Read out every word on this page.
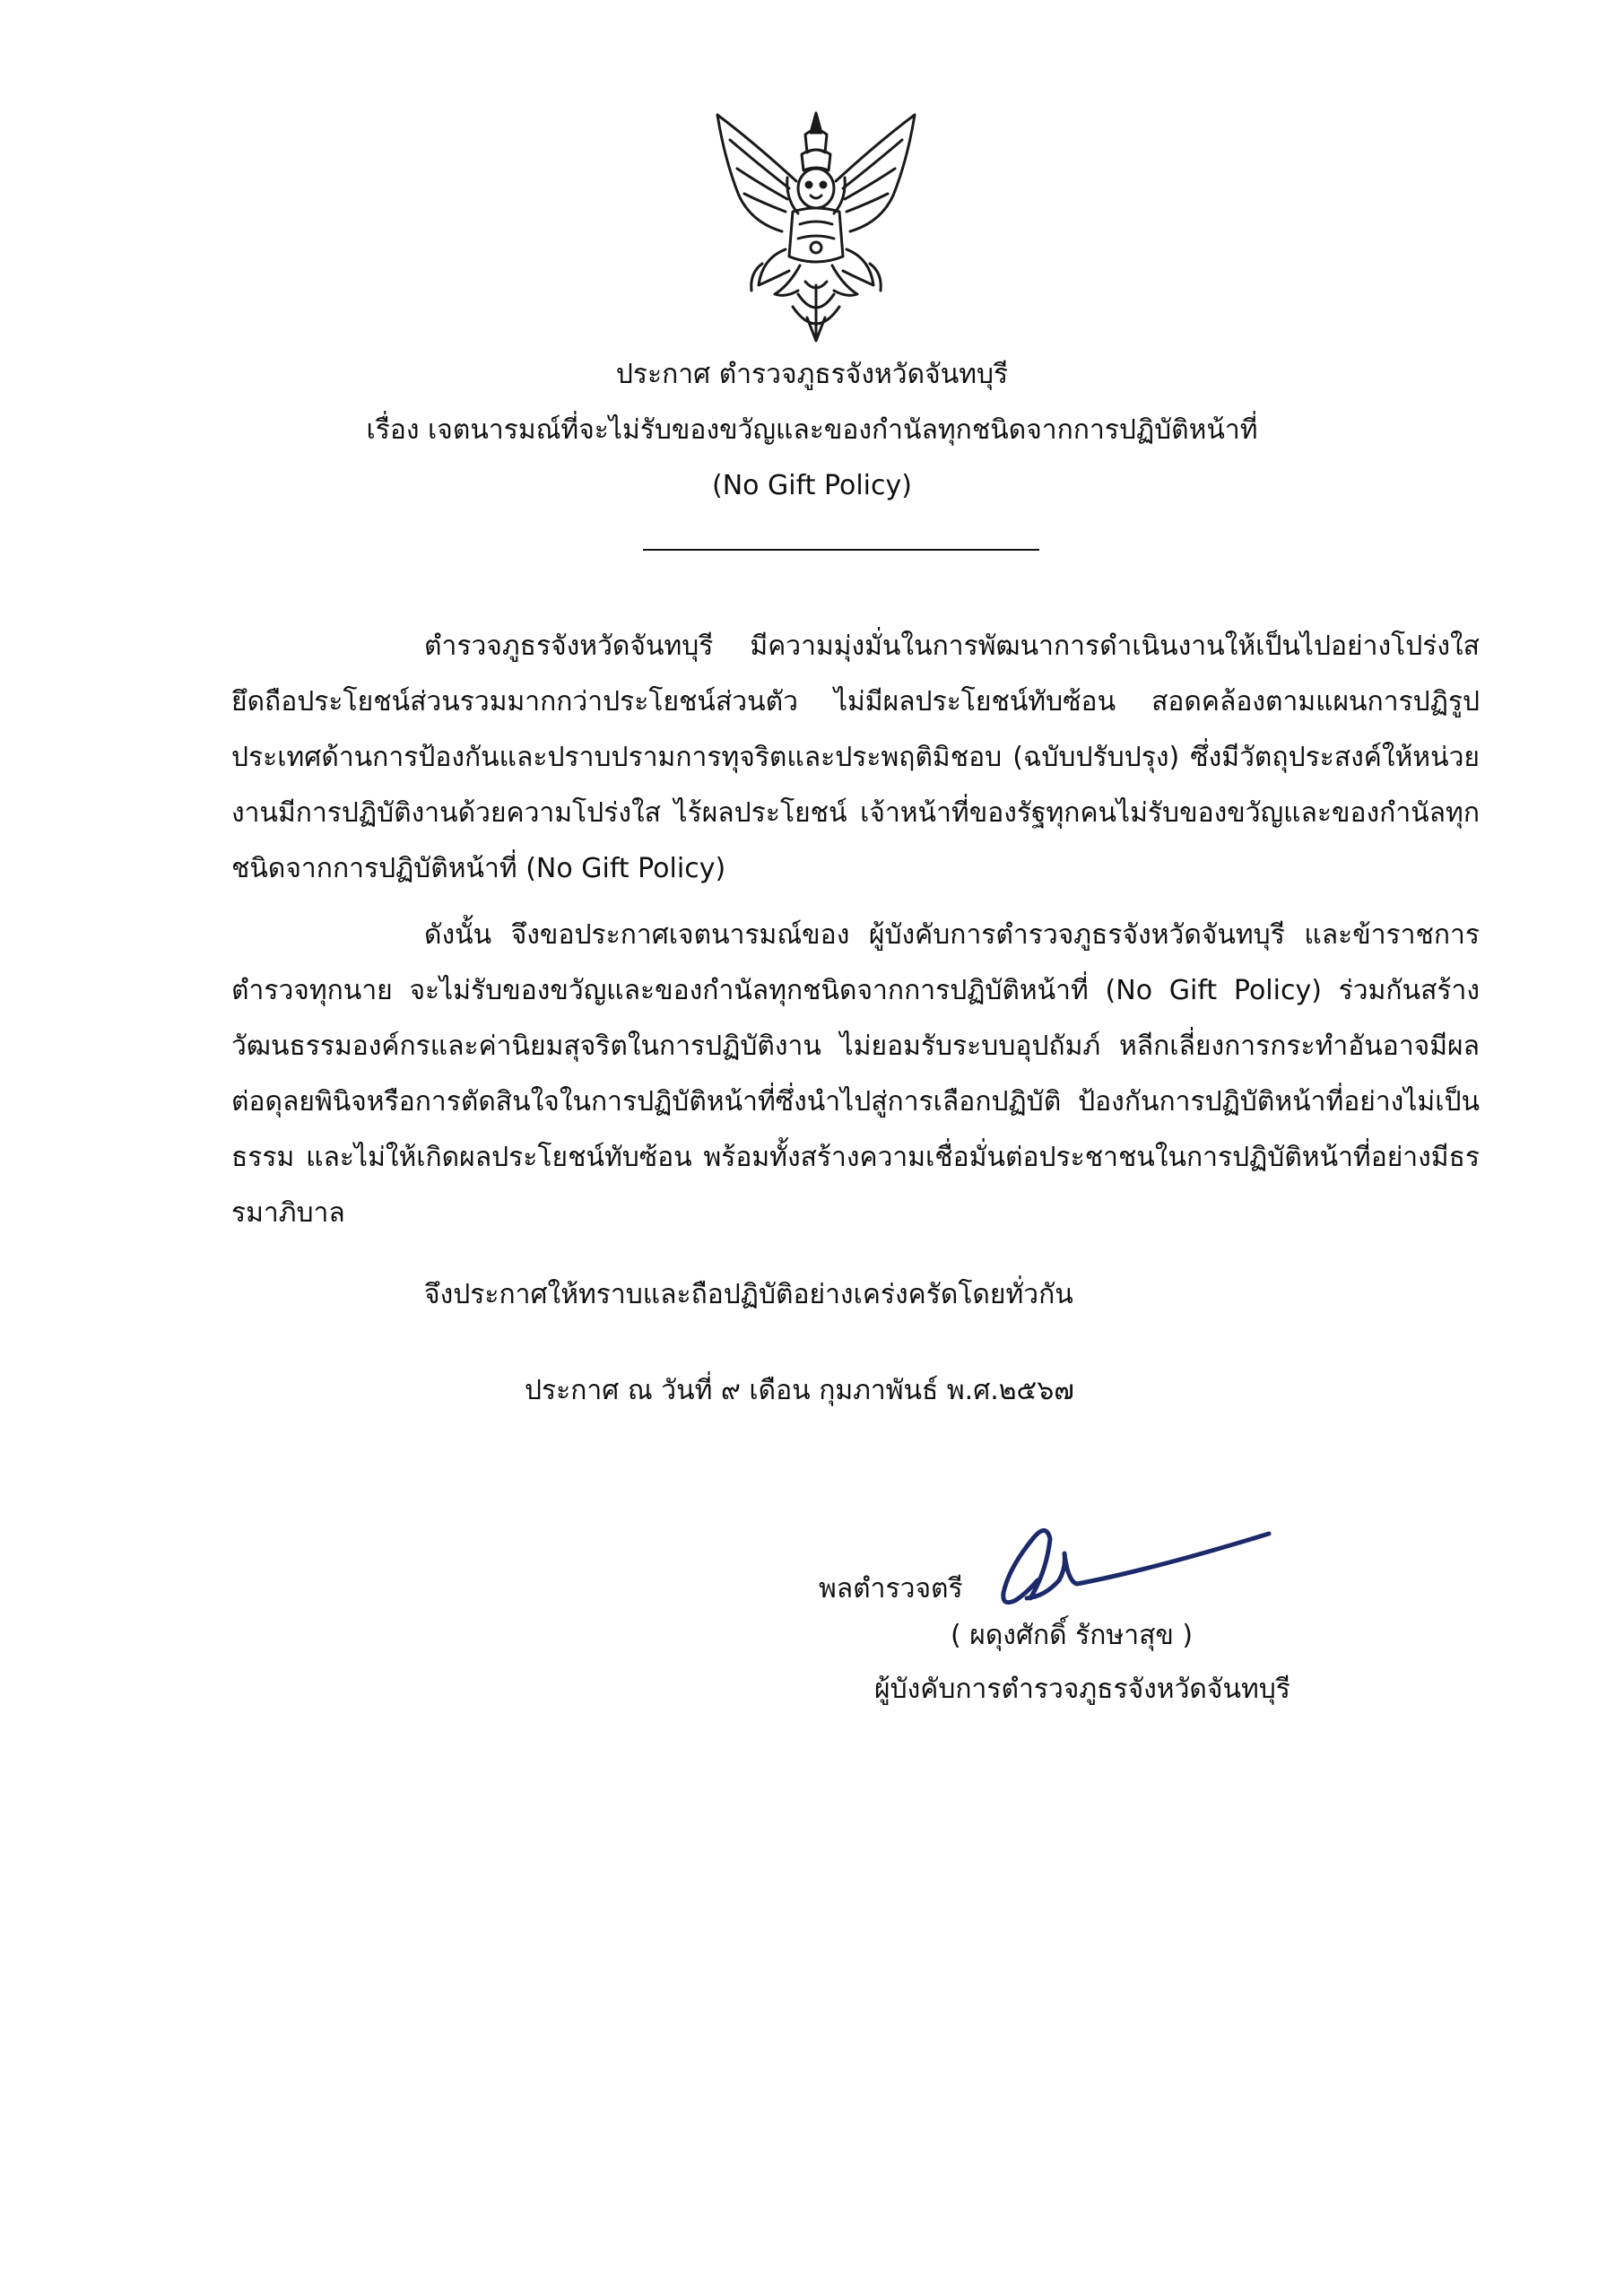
ประกาศ ตำรวจภูธรจังหวัดจันทบุรี
เรื่อง เจตนารมณ์ที่จะไม่รับของขวัญและของกำนัลทุกชนิดจากการปฏิบัติหน้าที่
(No Gift Policy)

ตำรวจภูธรจังหวัดจันทบุรี มีความมุ่งมั่นในการพัฒนาการดำเนินงานให้เป็นไปอย่างโปร่งใส ยึดถือประโยชน์ส่วนรวมมากกว่าประโยชน์ส่วนตัว ไม่มีผลประโยชน์ทับซ้อน สอดคล้องตามแผนการปฏิรูปประเทศด้านการป้องกันและปราบปรามการทุจริตและประพฤติมิชอบ (ฉบับปรับปรุง) ซึ่งมีวัตถุประสงค์ให้หน่วยงานมีการปฏิบัติงานด้วยความโปร่งใส ไร้ผลประโยชน์ เจ้าหน้าที่ของรัฐทุกคนไม่รับของขวัญและของกำนัลทุกชนิดจากการปฏิบัติหน้าที่ (No Gift Policy)

ดังนั้น จึงขอประกาศเจตนารมณ์ของ ผู้บังคับการตำรวจภูธรจังหวัดจันทบุรี และข้าราชการตำรวจทุกนาย จะไม่รับของขวัญและของกำนัลทุกชนิดจากการปฏิบัติหน้าที่ (No Gift Policy) ร่วมกันสร้างวัฒนธรรมองค์กรและค่านิยมสุจริตในการปฏิบัติงาน ไม่ยอมรับระบบอุปถัมภ์ หลีกเลี่ยงการกระทำอันอาจมีผลต่อดุลยพินิจหรือการตัดสินใจในการปฏิบัติหน้าที่ซึ่งนำไปสู่การเลือกปฏิบัติ ป้องกันการปฏิบัติหน้าที่อย่างไม่เป็นธรรม และไม่ให้เกิดผลประโยชน์ทับซ้อน พร้อมทั้งสร้างความเชื่อมั่นต่อประชาชนในการปฏิบัติหน้าที่อย่างมีธรรมาภิบาล

จึงประกาศให้ทราบและถือปฏิบัติอย่างเคร่งครัดโดยทั่วกัน
ประกาศ ณ วันที่ ๙ เดือน กุมภาพันธ์ พ.ศ.๒๕๖๗
พลตำรวจตรี
( ผดุงศักดิ์ รักษาสุข )
ผู้บังคับการตำรวจภูธรจังหวัดจันทบุรี
